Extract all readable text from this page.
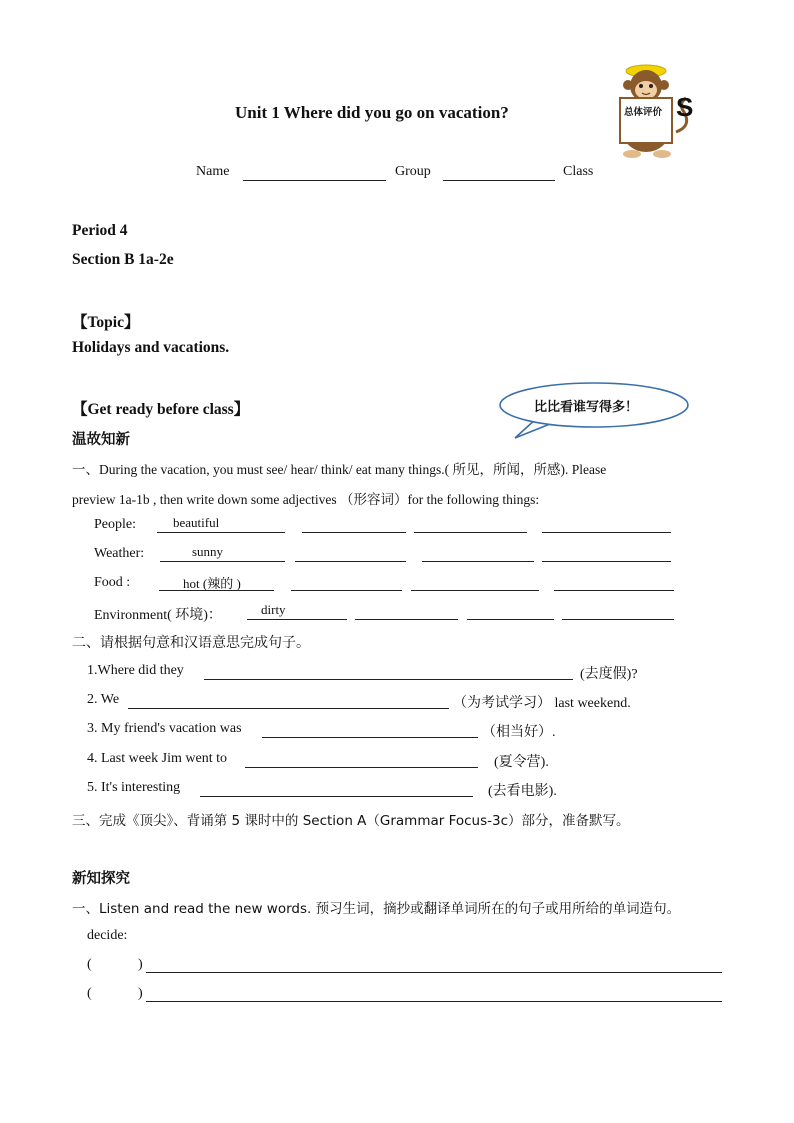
Unit 1 Where did you go on vacation?	总体评价 S
Name	Group	Class
Period 4
Section B 1a-2e
【Topic】
Holidays and vacations.
【Get ready before class】	比比看谁写得多！
温故知新
一、During the vacation, you must see/ hear/ think/ eat many things.( 所见，所闻，所感). Please
preview 1a-1b , then write down some adjectives （形容词）for the following things:
People:	beautiful
Weather:	sunny
Food :	hot (辣的 )
Environment( 环境)：	dirty
二、请根据句意和汉语意思完成句子。
1.Where did they	(去度假)?
2. We	（为考试学习） last weekend.
3. My friend's vacation was	（相当好）.
4. Last week Jim went to	(夏令营).
5. It's interesting	(去看电影).
三、完成《顶尖》、背诵第 5 课时中的 Section A（Grammar Focus-3c）部分，准备默写。
新知探究
一、Listen and read the new words. 预习生词，摘抄或翻译单词所在的句子或用所给的单词造句。
decide:
(	)
(	)
